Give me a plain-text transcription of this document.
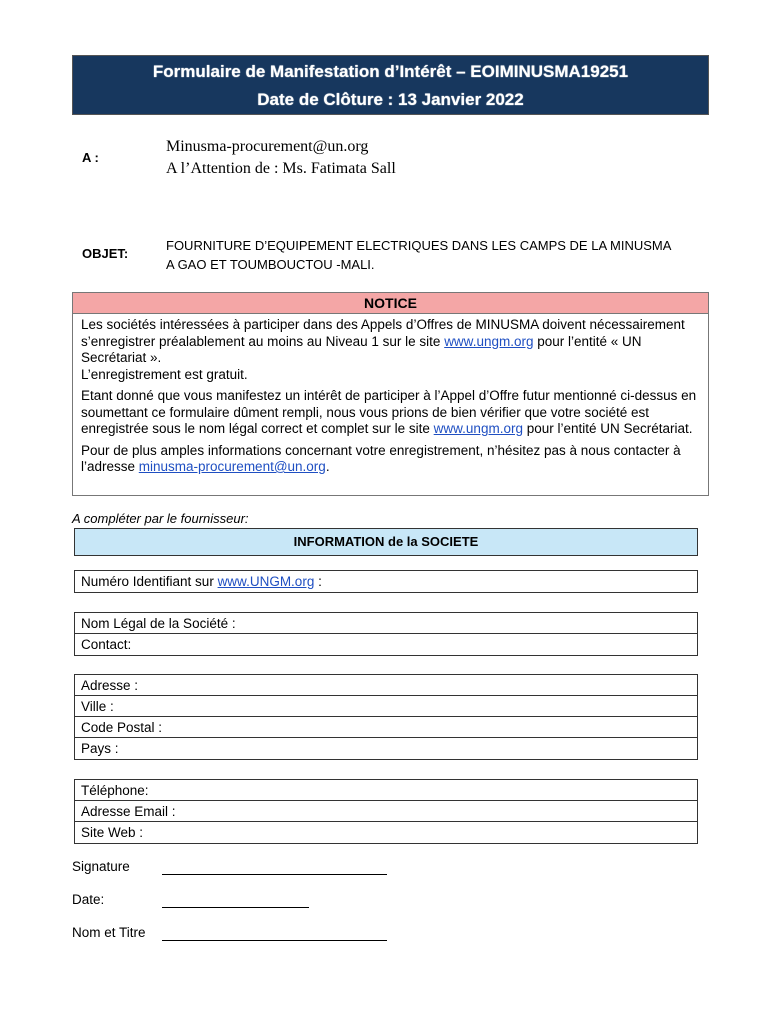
Formulaire de Manifestation d’Intérêt – EOIMINUSMA19251
Date de Clôture : 13 Janvier 2022
A :
Minusma-procurement@un.org
A l’Attention de : Ms. Fatimata Sall
OBJET:
FOURNITURE D’EQUIPEMENT ELECTRIQUES DANS LES CAMPS DE LA MINUSMA
A GAO ET TOUMBOUCTOU -MALI.
NOTICE

Les sociétés intéressées à participer dans des Appels d’Offres de MINUSMA doivent nécessairement s’enregistrer préalablement au moins au Niveau 1 sur le site www.ungm.org pour l’entité « UN Secrétariat ».
L’enregistrement est gratuit.

Etant donné que vous manifestez un intérêt de participer à l’Appel d’Offre futur mentionné ci-dessus en soumettant ce formulaire dûment rempli, nous vous prions de bien vérifier que votre société est enregistrée sous le nom légal correct et complet sur le site www.ungm.org pour l’entité UN Secrétariat.

Pour de plus amples informations concernant votre enregistrement, n’hésitez pas à nous contacter à l’adresse minusma-procurement@un.org.

A compléter par le fournisseur:
INFORMATION de la SOCIETE
Numéro Identifiant sur www.UNGM.org :
Nom Légal de la Société :
Contact:
Adresse :
Ville :
Code Postal :
Pays :
Téléphone:
Adresse Email :
Site Web :
Signature
Date:
Nom et Titre
